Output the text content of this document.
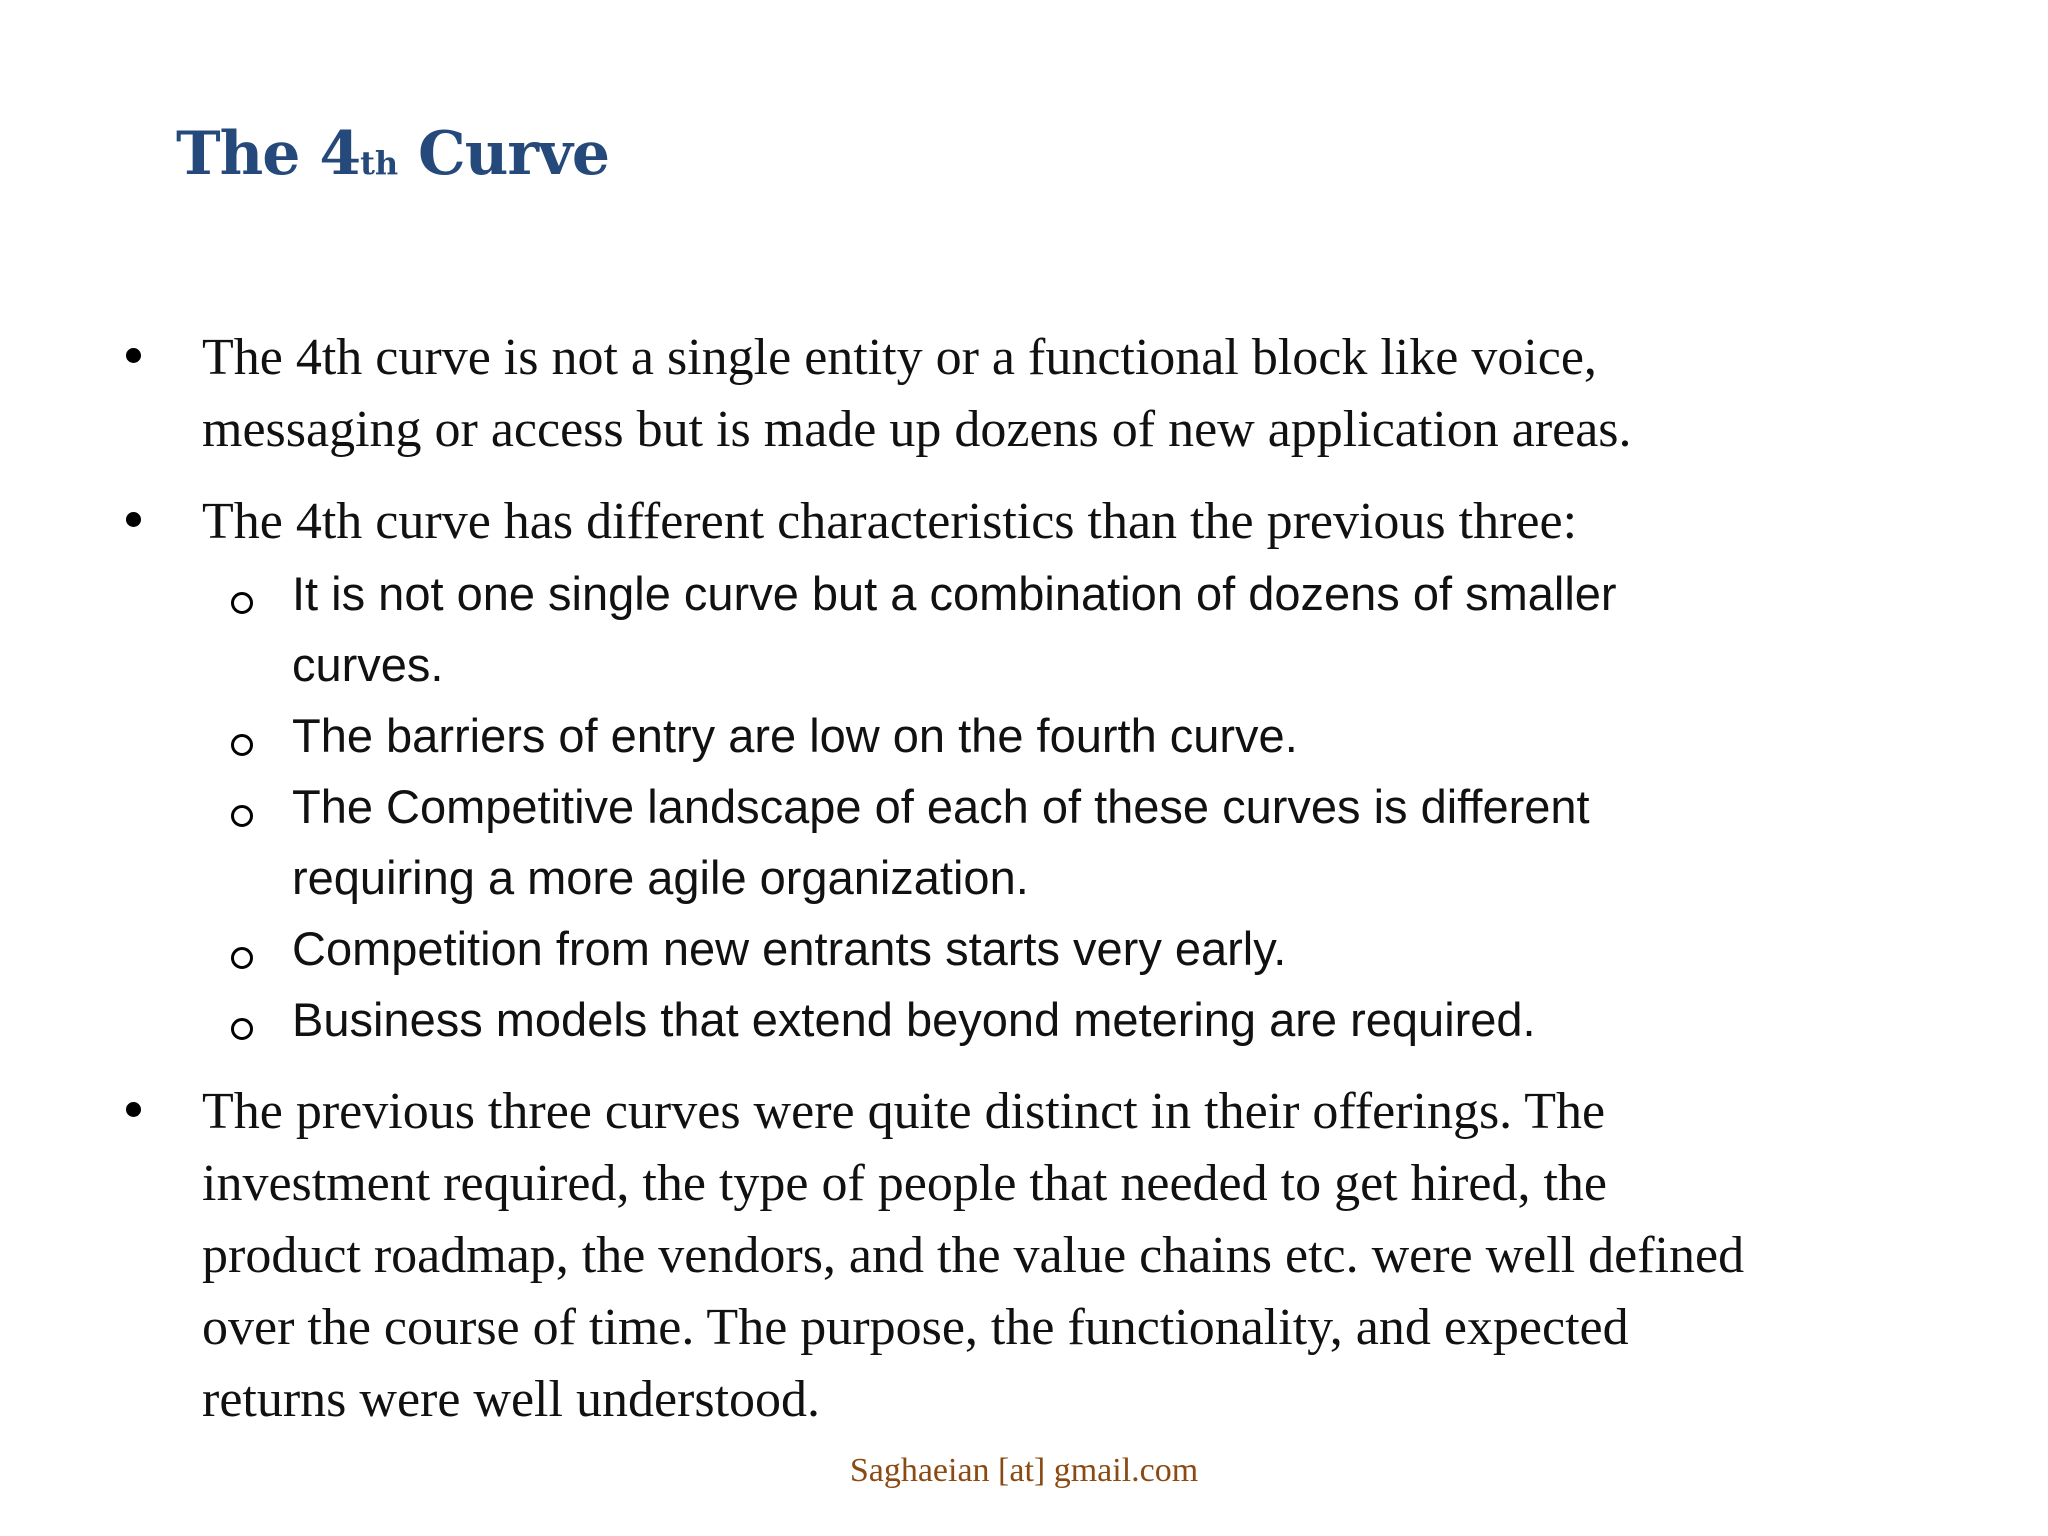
The 4th Curve
The 4th curve is not a single entity or a functional block like voice,
messaging or access but is made up dozens of new application areas.
The 4th curve has different characteristics than the previous three:
It is not one single curve but a combination of dozens of smaller
curves.
The barriers of entry are low on the fourth curve.
The Competitive landscape of each of these curves is different
requiring a more agile organization.
Competition from new entrants starts very early.
Business models that extend beyond metering are required.
The previous three curves were quite distinct in their offerings. The
investment required, the type of people that needed to get hired, the
product roadmap, the vendors, and the value chains etc. were well defined
over the course of time. The purpose, the functionality, and expected
returns were well understood.
Saghaeian [at] gmail.com
